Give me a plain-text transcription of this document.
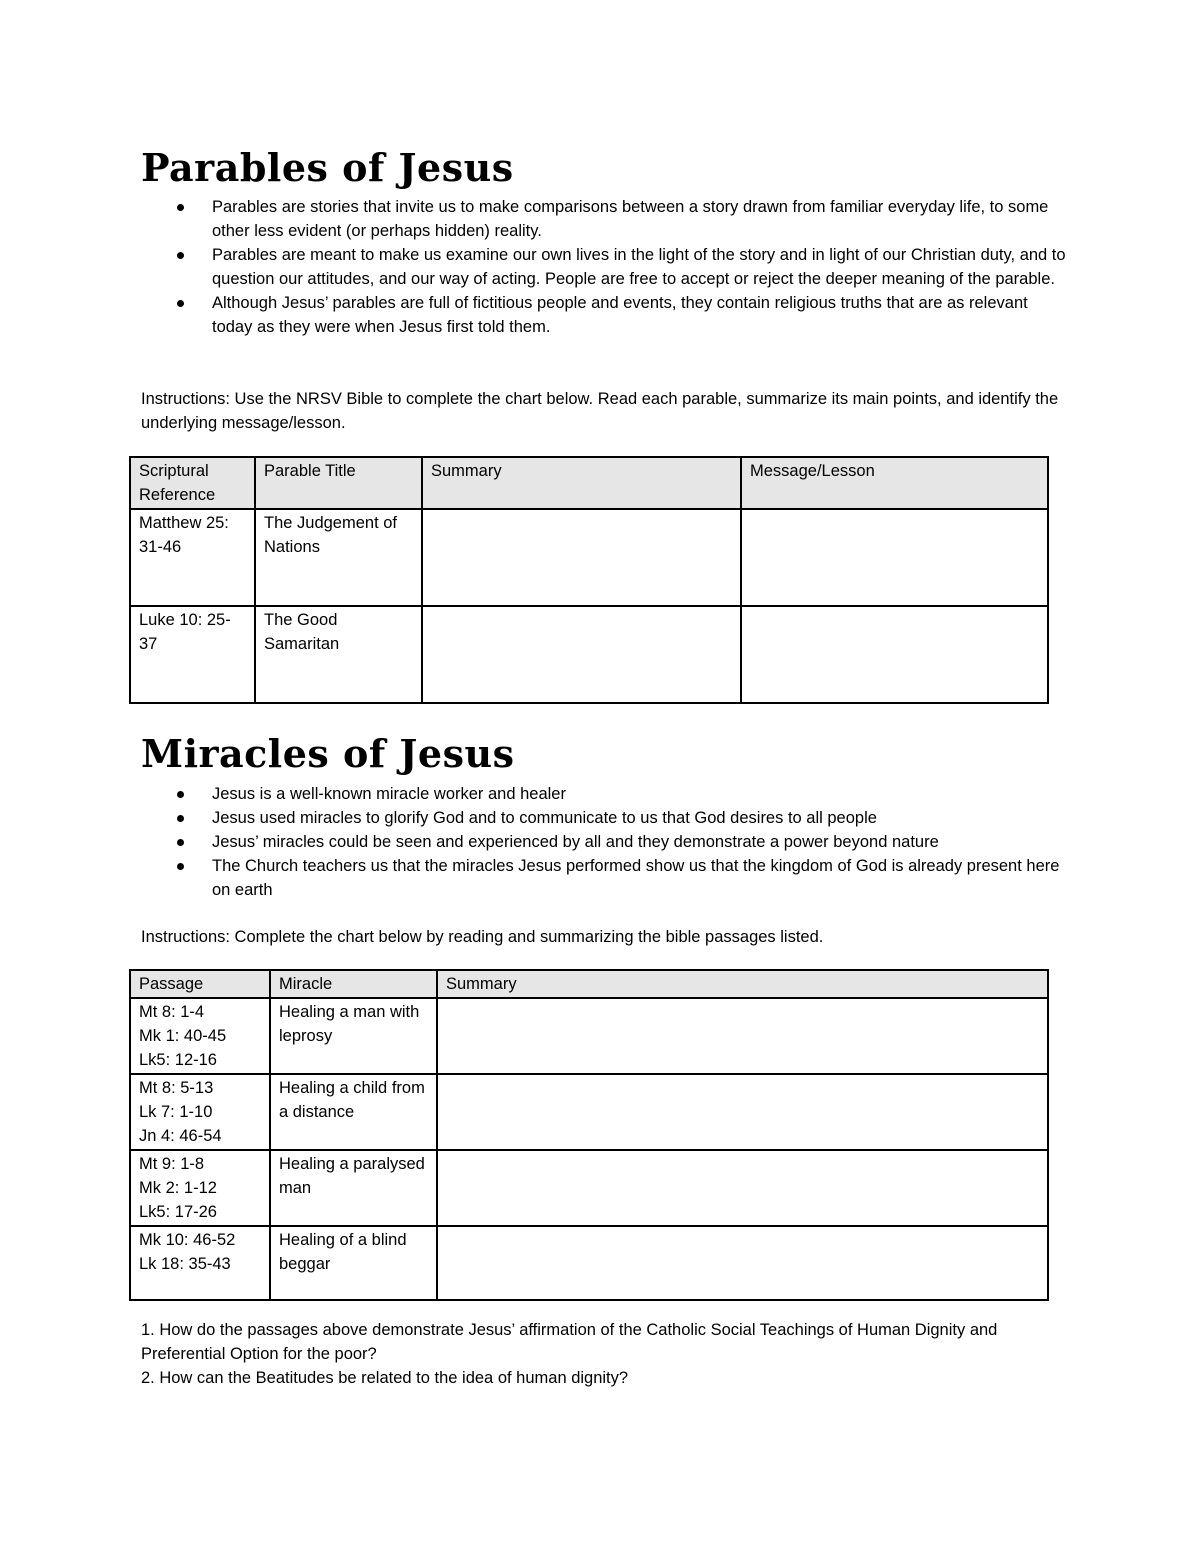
Parables of Jesus
Parables are stories that invite us to make comparisons between a story drawn from familiar everyday life, to some other less evident (or perhaps hidden) reality.
Parables are meant to make us examine our own lives in the light of the story and in light of our Christian duty, and to question our attitudes, and our way of acting. People are free to accept or reject the deeper meaning of the parable.
Although Jesus’ parables are full of fictitious people and events, they contain religious truths that are as relevant today as they were when Jesus first told them.

Instructions: Use the NRSV Bible to complete the chart below. Read each parable, summarize its main points, and identify the underlying message/lesson.

Scriptural Reference	Parable Title	Summary	Message/Lesson
Matthew 25: 31-46	The Judgement of Nations		
Luke 10: 25-37	The Good Samaritan		
Miracles of Jesus
Jesus is a well-known miracle worker and healer
Jesus used miracles to glorify God and to communicate to us that God desires to all people
Jesus’ miracles could be seen and experienced by all and they demonstrate a power beyond nature
The Church teachers us that the miracles Jesus performed show us that the kingdom of God is already present here on earth

Instructions: Complete the chart below by reading and summarizing the bible passages listed.

Passage	Miracle	Summary

Mt 8: 1-4
Mk 1: 40-45
Lk5: 12-16	Healing a man with leprosy	

Mt 8: 5-13
Lk 7: 1-10
Jn 4: 46-54	Healing a child from a distance	

Mt 9: 1-8
Mk 2: 1-12
Lk5: 17-26	Healing a paralysed man	

Mk 10: 46-52
Lk 18: 35-43	Healing of a blind beggar	

1. How do the passages above demonstrate Jesus’ affirmation of the Catholic Social Teachings of Human Dignity and Preferential Option for the poor?

2. How can the Beatitudes be related to the idea of human dignity?
